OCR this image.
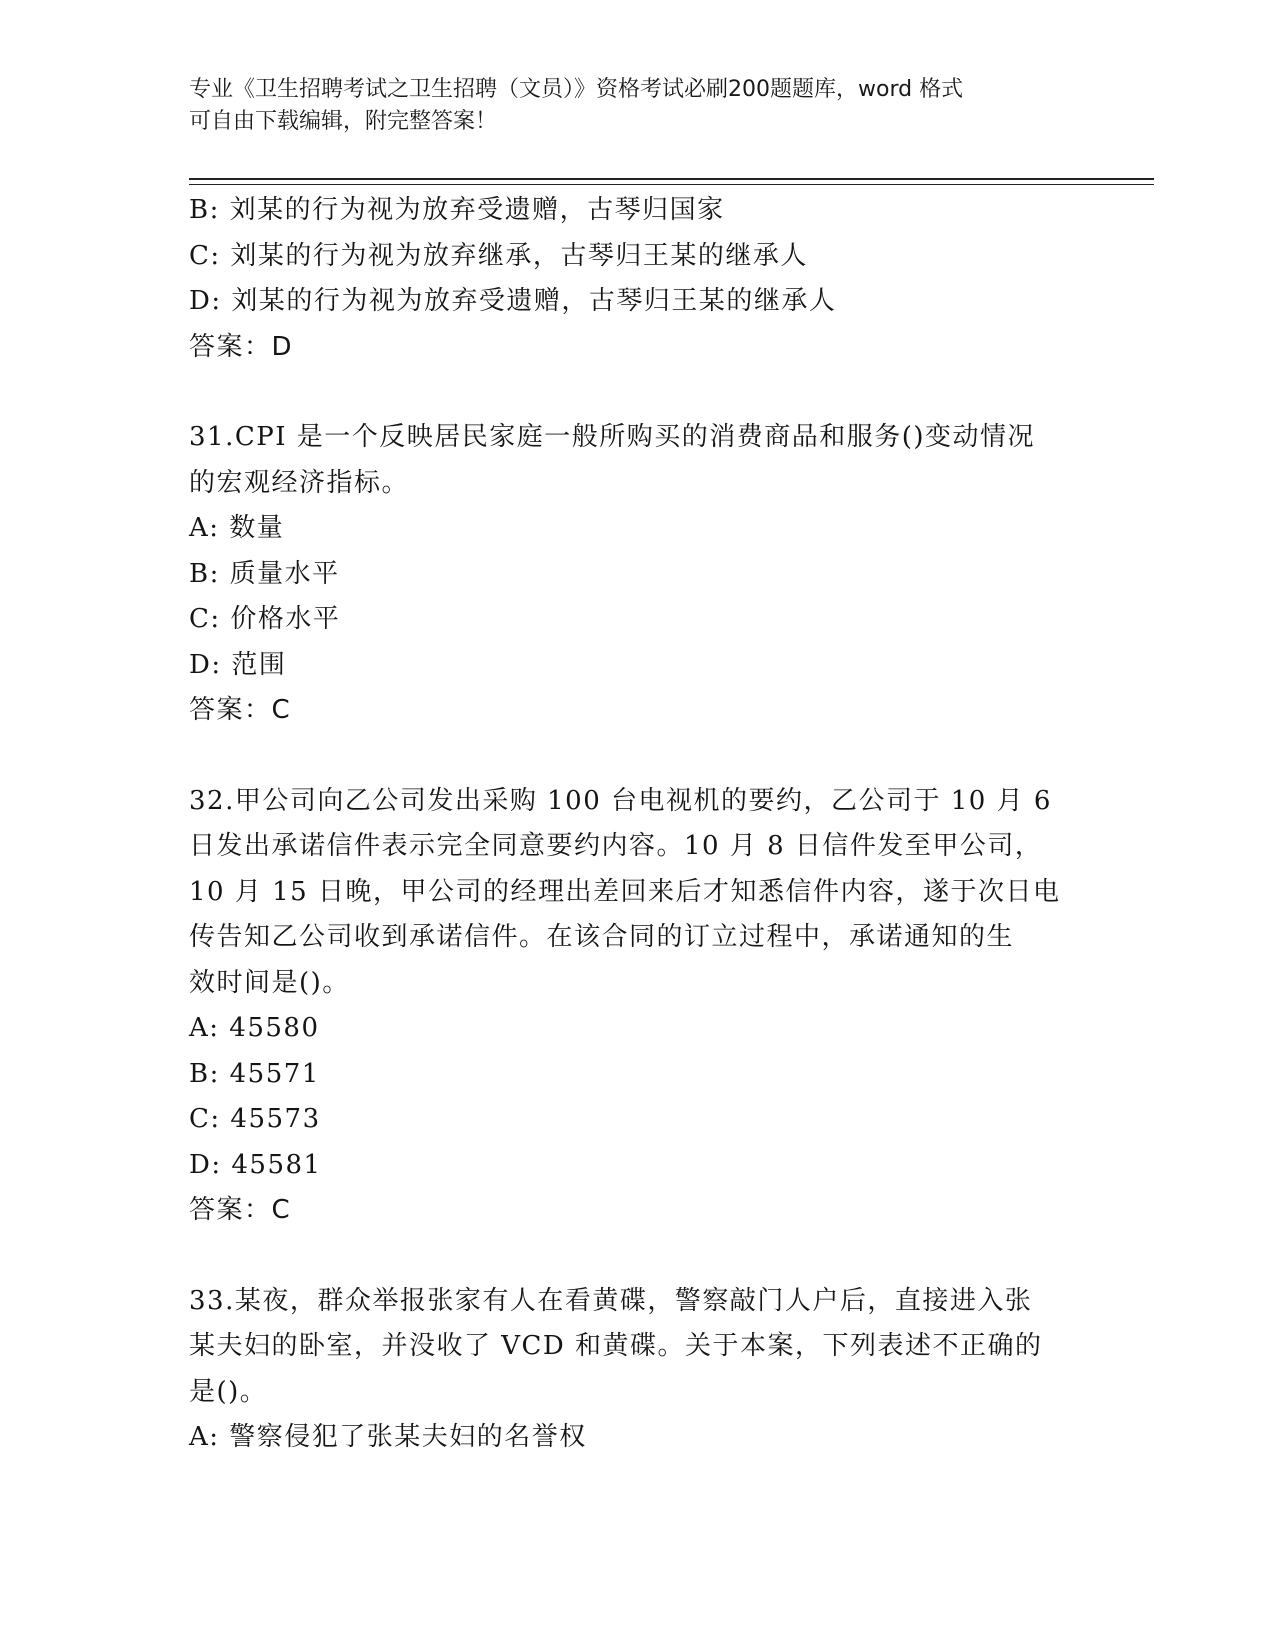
专业《卫生招聘考试之卫生招聘（文员）》资格考试必刷200题题库，word 格式
可自由下载编辑，附完整答案！
B: 刘某的行为视为放弃受遗赠，古琴归国家
C: 刘某的行为视为放弃继承，古琴归王某的继承人
D: 刘某的行为视为放弃受遗赠，古琴归王某的继承人
答案：D
31.CPI 是一个反映居民家庭一般所购买的消费商品和服务()变动情况
的宏观经济指标。
A: 数量
B: 质量水平
C: 价格水平
D: 范围
答案：C
32.甲公司向乙公司发出采购 100 台电视机的要约，乙公司于 10 月 6
日发出承诺信件表示完全同意要约内容。10 月 8 日信件发至甲公司，
10 月 15 日晚，甲公司的经理出差回来后才知悉信件内容，遂于次日电
传告知乙公司收到承诺信件。在该合同的订立过程中，承诺通知的生
效时间是()。
A: 45580
B: 45571
C: 45573
D: 45581
答案：C
33.某夜，群众举报张家有人在看黄碟，警察敲门人户后，直接进入张
某夫妇的卧室，并没收了 VCD 和黄碟。关于本案，下列表述不正确的
是()。
A: 警察侵犯了张某夫妇的名誉权
